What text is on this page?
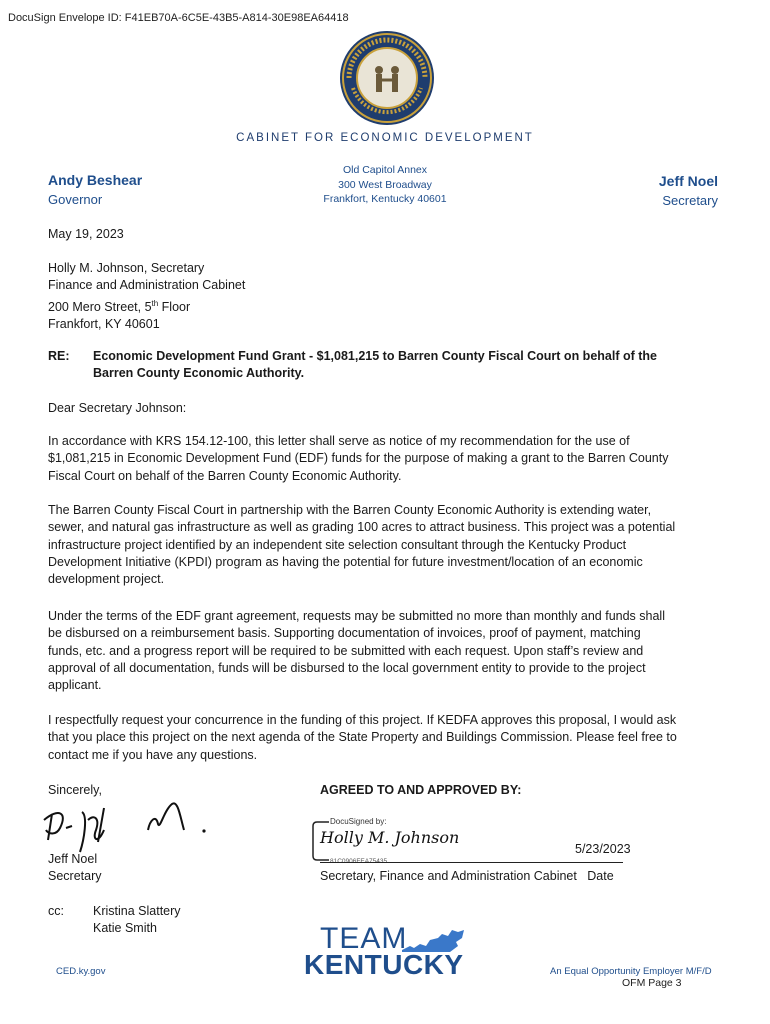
DocuSign Envelope ID: F41EB70A-6C5E-43B5-A814-30E98EA64418
CABINET FOR ECONOMIC DEVELOPMENT
Andy Beshear
Governor
Old Capitol Annex
300 West Broadway
Frankfort, Kentucky 40601
Jeff Noel
Secretary
May 19, 2023
Holly M. Johnson, Secretary
Finance and Administration Cabinet
200 Mero Street, 5th Floor
Frankfort, KY 40601
RE: Economic Development Fund Grant - $1,081,215 to Barren County Fiscal Court on behalf of the Barren County Economic Authority.
Dear Secretary Johnson:

In accordance with KRS 154.12-100, this letter shall serve as notice of my recommendation for the use of $1,081,215 in Economic Development Fund (EDF) funds for the purpose of making a grant to the Barren County Fiscal Court on behalf of the Barren County Economic Authority.

The Barren County Fiscal Court in partnership with the Barren County Economic Authority is extending water, sewer, and natural gas infrastructure as well as grading 100 acres to attract business. This project was a potential infrastructure project identified by an independent site selection consultant through the Kentucky Product Development Initiative (KPDI) program as having the potential for future investment/location of an economic development project.

Under the terms of the EDF grant agreement, requests may be submitted no more than monthly and funds shall be disbursed on a reimbursement basis. Supporting documentation of invoices, proof of payment, matching funds, etc. and a progress report will be required to be submitted with each request. Upon staff’s review and approval of all documentation, funds will be disbursed to the local government entity to provide to the project applicant.

I respectfully request your concurrence in the funding of this project. If KEDFA approves this proposal, I would ask that you place this project on the next agenda of the State Property and Buildings Commission. Please feel free to contact me if you have any questions.

Sincerely,	AGREED TO AND APPROVED BY:
Jeff Noel
Secretary
DocuSigned by:
Holly M. Johnson
5/23/2023
Secretary, Finance and Administration Cabinet   Date
cc: Kristina Slattery
Katie Smith	TEAM
KENTUCKY
CED.ky.gov	An Equal Opportunity Employer M/F/D
OFM Page 3
